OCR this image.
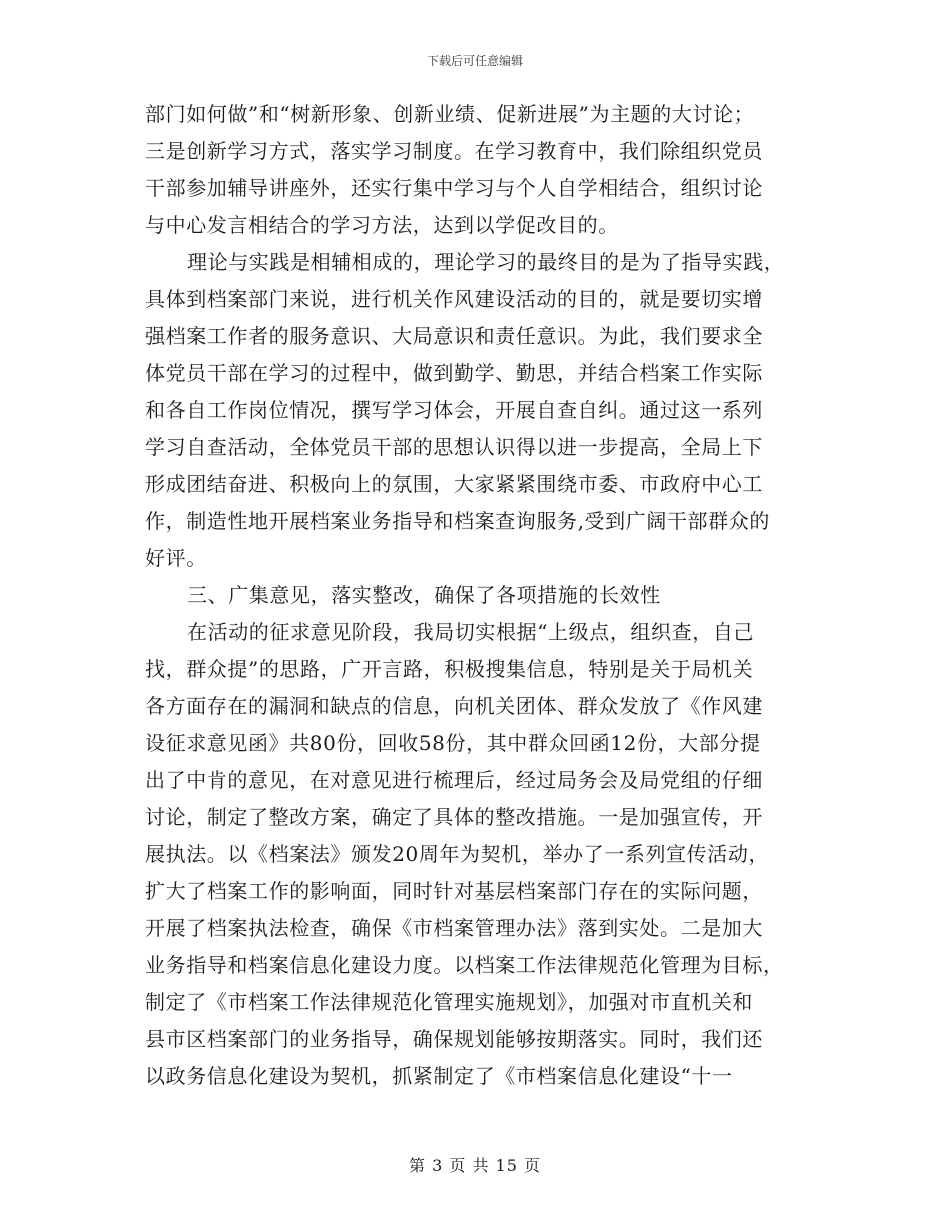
下载后可任意编辑

部门如何做”和“树新形象、创新业绩、促新进展”为主题的大讨论；

三是创新学习方式，落实学习制度。在学习教育中，我们除组织党员

干部参加辅导讲座外，还实行集中学习与个人自学相结合，组织讨论

与中心发言相结合的学习方法，达到以学促改目的。

理论与实践是相辅相成的，理论学习的最终目的是为了指导实践，

具体到档案部门来说，进行机关作风建设活动的目的，就是要切实增

强档案工作者的服务意识、大局意识和责任意识。为此，我们要求全

体党员干部在学习的过程中，做到勤学、勤思，并结合档案工作实际

和各自工作岗位情况，撰写学习体会，开展自查自纠。通过这一系列

学习自查活动，全体党员干部的思想认识得以进一步提高，全局上下

形成团结奋进、积极向上的氛围，大家紧紧围绕市委、市政府中心工

作，制造性地开展档案业务指导和档案查询服务,受到广阔干部群众的

好评。

三、广集意见，落实整改，确保了各项措施的长效性

在活动的征求意见阶段，我局切实根据“上级点，组织查，自己

找，群众提”的思路，广开言路，积极搜集信息，特别是关于局机关

各方面存在的漏洞和缺点的信息，向机关团体、群众发放了《作风建

设征求意见函》共80份，回收58份，其中群众回函12份，大部分提

出了中肯的意见，在对意见进行梳理后，经过局务会及局党组的仔细

讨论，制定了整改方案，确定了具体的整改措施。一是加强宣传，开

展执法。以《档案法》颁发20周年为契机，举办了一系列宣传活动，

扩大了档案工作的影响面，同时针对基层档案部门存在的实际问题，

开展了档案执法检查，确保《市档案管理办法》落到实处。二是加大

业务指导和档案信息化建设力度。以档案工作法律规范化管理为目标，

制定了《市档案工作法律规范化管理实施规划》，加强对市直机关和

县市区档案部门的业务指导，确保规划能够按期落实。同时，我们还

以政务信息化建设为契机，抓紧制定了《市档案信息化建设“十一

第 3 页 共 15 页
